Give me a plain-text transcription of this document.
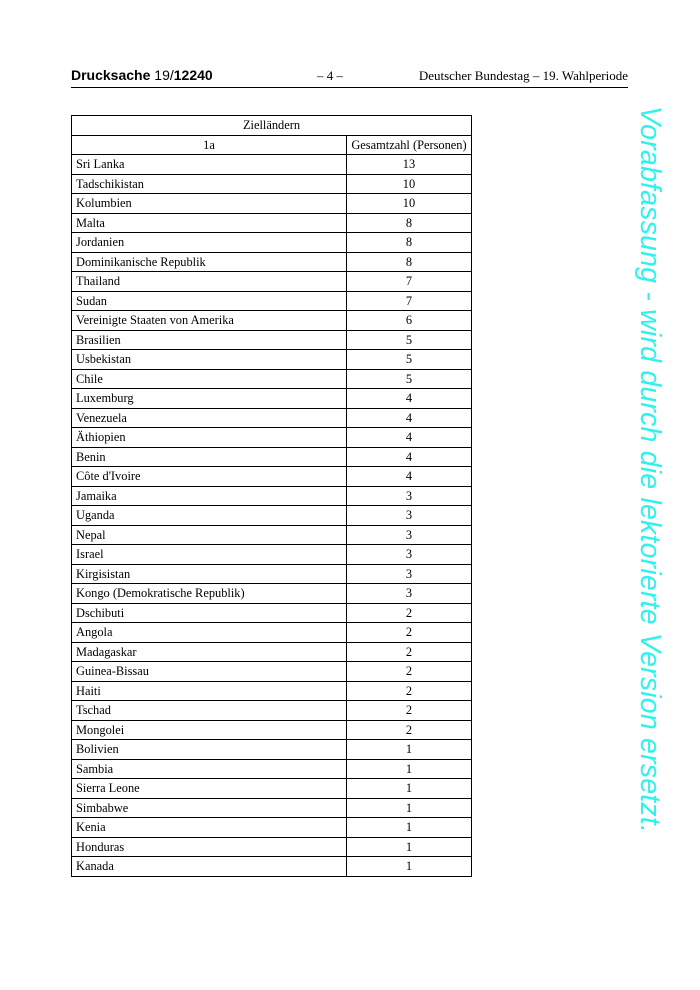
Drucksache 19/12240	– 4 –	Deutscher Bundestag – 19. Wahlperiode
Zielländern	
1a	Gesamtzahl (Personen)
Sri Lanka	13
Tadschikistan	10
Kolumbien	10
Malta	8
Jordanien	8
Dominikanische Republik	8
Thailand	7
Sudan	7
Vereinigte Staaten von Amerika	6
Brasilien	5
Usbekistan	5
Chile	5
Luxemburg	4
Venezuela	4
Äthiopien	4
Benin	4
Côte d'Ivoire	4
Jamaika	3
Uganda	3
Nepal	3
Israel	3
Kirgisistan	3
Kongo (Demokratische Republik)	3
Dschibuti	2
Angola	2
Madagaskar	2
Guinea-Bissau	2
Haiti	2
Tschad	2
Mongolei	2
Bolivien	1
Sambia	1
Sierra Leone	1
Simbabwe	1
Kenia	1
Honduras	1
Kanada	1
Vorabfassung - wird durch die lektorierte Version ersetzt.
